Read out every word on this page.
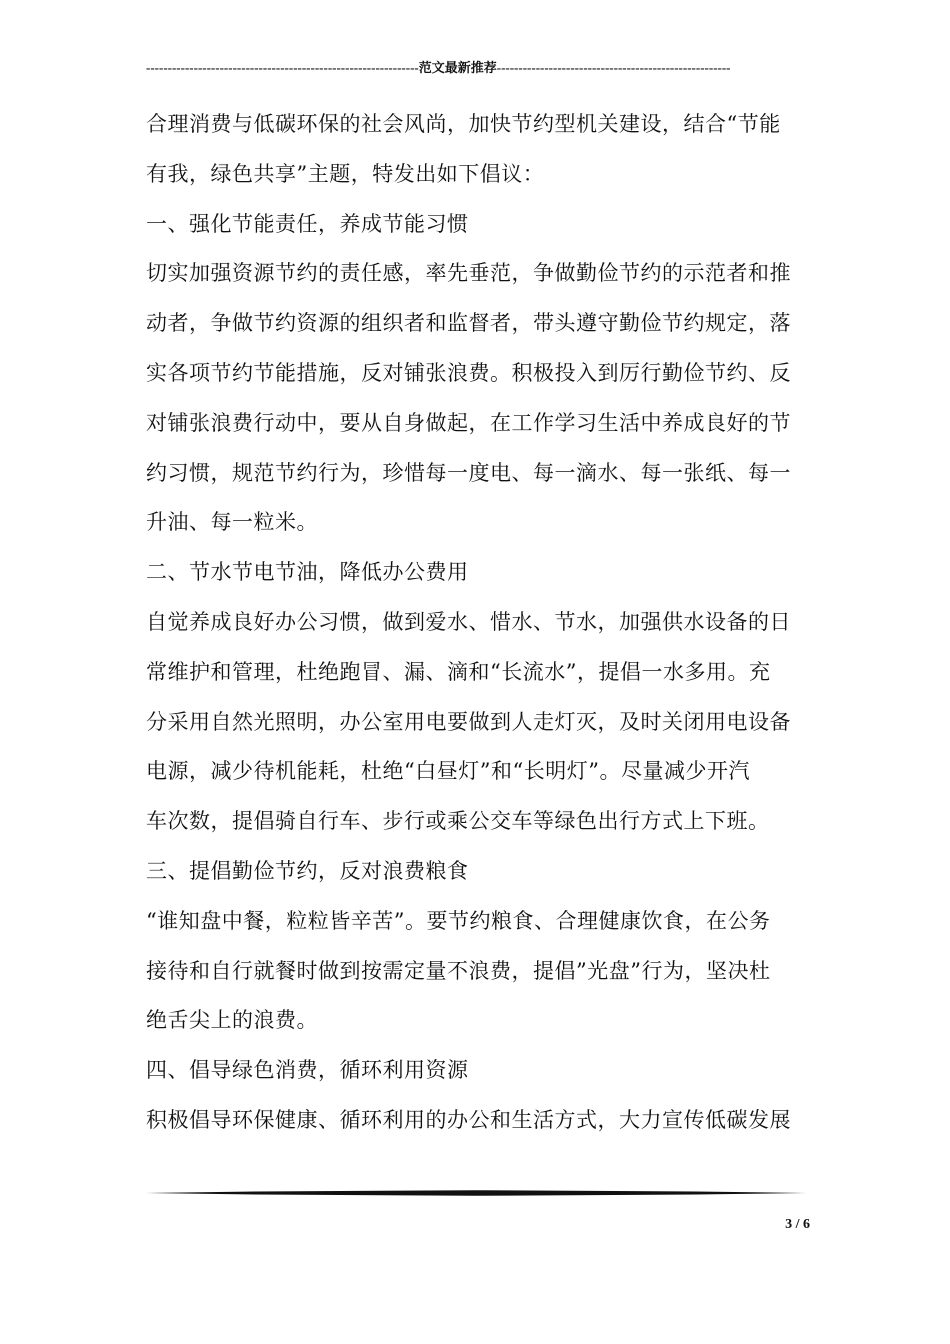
---------------------------------------------------------------范文最新推荐------------------------------------------------------
合理消费与低碳环保的社会风尚，加快节约型机关建设，结合“节能
有我，绿色共享”主题，特发出如下倡议：
一、强化节能责任，养成节能习惯
切实加强资源节约的责任感，率先垂范，争做勤俭节约的示范者和推
动者，争做节约资源的组织者和监督者，带头遵守勤俭节约规定，落
实各项节约节能措施，反对铺张浪费。积极投入到厉行勤俭节约、反
对铺张浪费行动中，要从自身做起，在工作学习生活中养成良好的节
约习惯，规范节约行为，珍惜每一度电、每一滴水、每一张纸、每一
升油、每一粒米。
二、节水节电节油，降低办公费用
自觉养成良好办公习惯，做到爱水、惜水、节水，加强供水设备的日
常维护和管理，杜绝跑冒、漏、滴和“长流水”，提倡一水多用。充
分采用自然光照明，办公室用电要做到人走灯灭，及时关闭用电设备
电源，减少待机能耗，杜绝“白昼灯”和“长明灯”。尽量减少开汽
车次数，提倡骑自行车、步行或乘公交车等绿色出行方式上下班。
三、提倡勤俭节约，反对浪费粮食
“谁知盘中餐，粒粒皆辛苦”。要节约粮食、合理健康饮食，在公务
接待和自行就餐时做到按需定量不浪费，提倡”光盘”行为，坚决杜
绝舌尖上的浪费。
四、倡导绿色消费，循环利用资源
积极倡导环保健康、循环利用的办公和生活方式，大力宣传低碳发展
3 / 6
